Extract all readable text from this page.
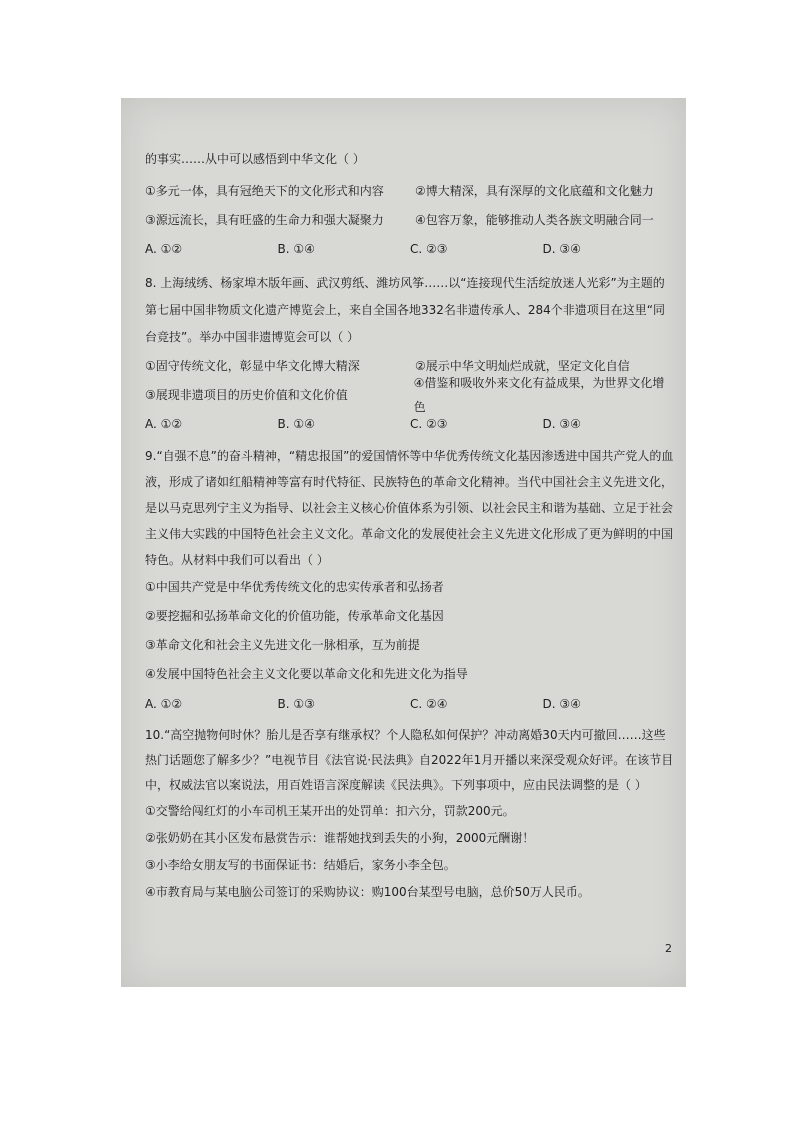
的事实……从中可以感悟到中华文化（ ）
①多元一体，具有冠绝天下的文化形式和内容	②博大精深，具有深厚的文化底蕴和文化魅力
③源远流长，具有旺盛的生命力和强大凝聚力	④包容万象，能够推动人类各族文明融合同一
A. ①②	B. ①④	C. ②③	D. ③④
8. 上海绒绣、杨家埠木版年画、武汉剪纸、潍坊风筝……以“连接现代生活绽放迷人光彩”为主题的第七届中国非物质文化遗产博览会上，来自全国各地332名非遗传承人、284个非遗项目在这里“同台竞技”。举办中国非遗博览会可以（ ）
①固守传统文化，彰显中华文化博大精深	②展示中华文明灿烂成就，坚定文化自信
③展现非遗项目的历史价值和文化价值
④借鉴和吸收外来文化有益成果，为世界文化增色
A. ①②	B. ①④	C. ②③	D. ③④
9.“自强不息”的奋斗精神，“精忠报国”的爱国情怀等中华优秀传统文化基因渗透进中国共产党人的血液，形成了诸如红船精神等富有时代特征、民族特色的革命文化精神。当代中国社会主义先进文化，是以马克思列宁主义为指导、以社会主义核心价值体系为引领、以社会民主和谐为基础、立足于社会主义伟大实践的中国特色社会主义文化。革命文化的发展使社会主义先进文化形成了更为鲜明的中国特色。从材料中我们可以看出（ ）
①中国共产党是中华优秀传统文化的忠实传承者和弘扬者
②要挖掘和弘扬革命文化的价值功能，传承革命文化基因
③革命文化和社会主义先进文化一脉相承，互为前提
④发展中国特色社会主义文化要以革命文化和先进文化为指导
A. ①②	B. ①③	C. ②④	D. ③④
10.“高空抛物何时休？胎儿是否享有继承权？个人隐私如何保护？冲动离婚30天内可撤回……这些热门话题您了解多少？”电视节目《法官说·民法典》自2022年1月开播以来深受观众好评。在该节目中，权威法官以案说法，用百姓语言深度解读《民法典》。下列事项中，应由民法调整的是（ ）
①交警给闯红灯的小车司机王某开出的处罚单：扣六分，罚款200元。
②张奶奶在其小区发布悬赏告示：谁帮她找到丢失的小狗，2000元酬谢！
③小李给女朋友写的书面保证书：结婚后，家务小李全包。
④市教育局与某电脑公司签订的采购协议：购100台某型号电脑，总价50万人民币。
2
